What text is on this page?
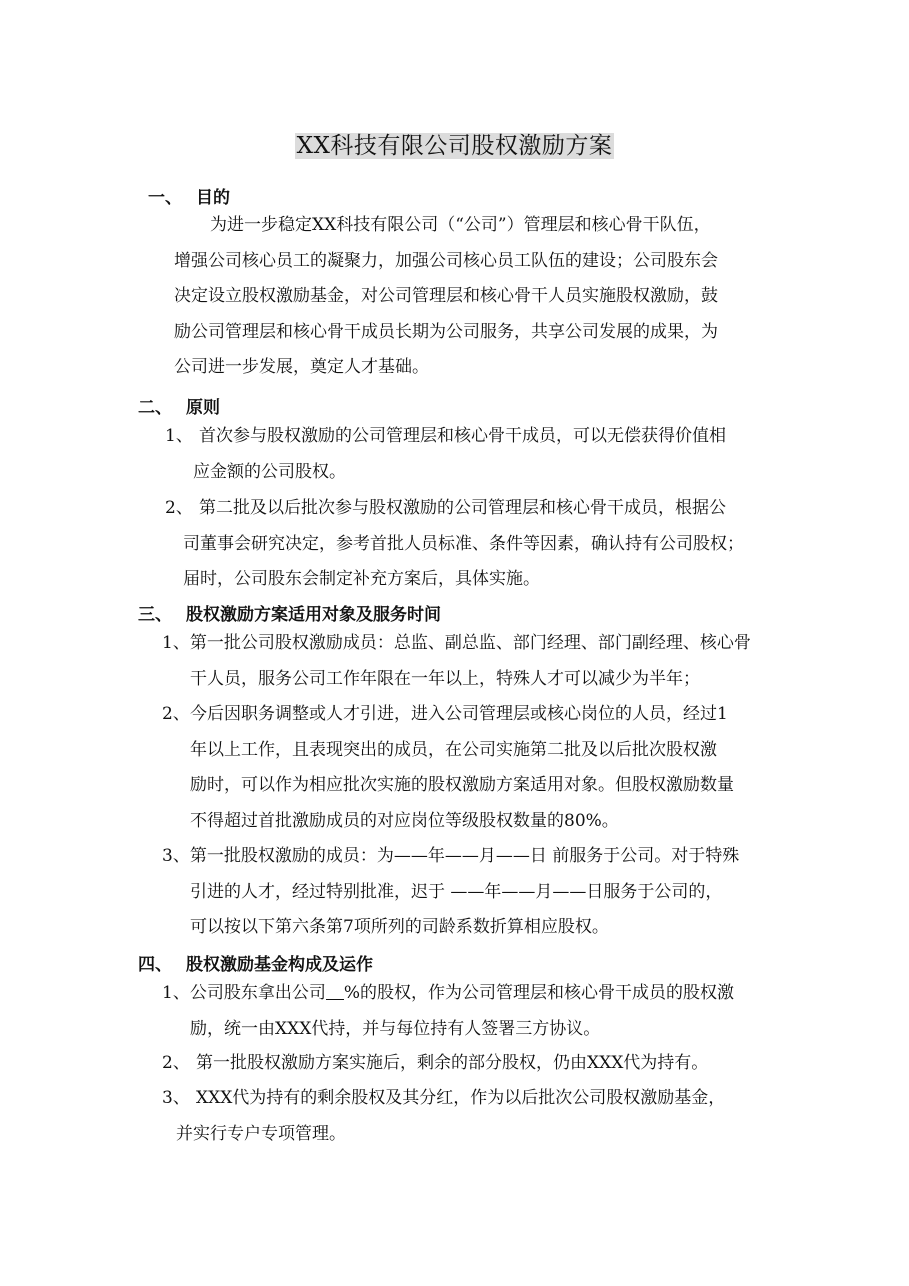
XX科技有限公司股权激励方案
一、 目的
为进一步稳定XX科技有限公司（“公司”）管理层和核心骨干队伍，
增强公司核心员工的凝聚力，加强公司核心员工队伍的建设；公司股东会
决定设立股权激励基金，对公司管理层和核心骨干人员实施股权激励，鼓
励公司管理层和核心骨干成员长期为公司服务，共享公司发展的成果，为
公司进一步发展，奠定人才基础。
二、 原则
1、 首次参与股权激励的公司管理层和核心骨干成员，可以无偿获得价值相
应金额的公司股权。
2、 第二批及以后批次参与股权激励的公司管理层和核心骨干成员，根据公
司董事会研究决定，参考首批人员标准、条件等因素，确认持有公司股权；
届时，公司股东会制定补充方案后，具体实施。
三、 股权激励方案适用对象及服务时间
1、第一批公司股权激励成员：总监、副总监、部门经理、部门副经理、核心骨
干人员，服务公司工作年限在一年以上，特殊人才可以减少为半年；
2、今后因职务调整或人才引进，进入公司管理层或核心岗位的人员，经过1
年以上工作，且表现突出的成员，在公司实施第二批及以后批次股权激
励时，可以作为相应批次实施的股权激励方案适用对象。但股权激励数量
不得超过首批激励成员的对应岗位等级股权数量的80%。
3、第一批股权激励的成员：为——年——月——日 前服务于公司。对于特殊
引进的人才，经过特别批准，迟于 ——年——月——日服务于公司的，
可以按以下第六条第7项所列的司龄系数折算相应股权。
四、 股权激励基金构成及运作
1、公司股东拿出公司 %的股权，作为公司管理层和核心骨干成员的股权激
励，统一由XXX代持，并与每位持有人签署三方协议。
2、 第一批股权激励方案实施后，剩余的部分股权，仍由XXX代为持有。
3、 XXX代为持有的剩余股权及其分红，作为以后批次公司股权激励基金，
并实行专户专项管理。
